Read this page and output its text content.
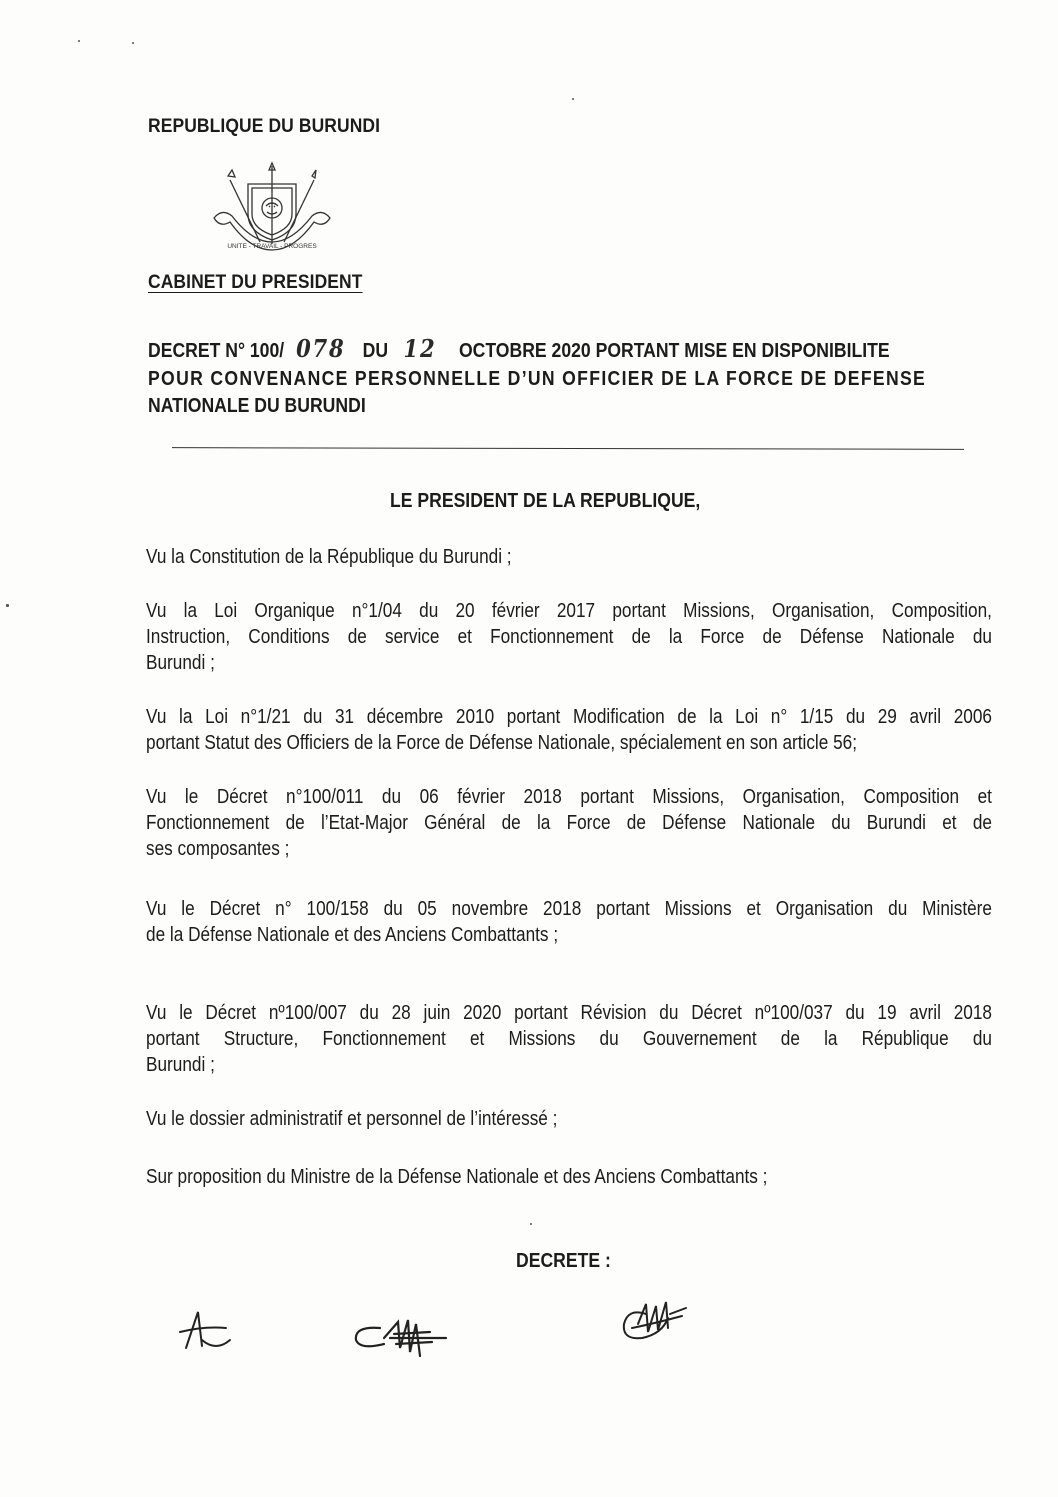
REPUBLIQUE DU BURUNDI
UNITE - TRAVAIL - PROGRES
CABINET DU PRESIDENT
DECRET N° 100/ 078 DU 12 OCTOBRE 2020 PORTANT MISE EN DISPONIBILITE
POUR CONVENANCE PERSONNELLE D’UN OFFICIER DE LA FORCE DE DEFENSE
NATIONALE DU BURUNDI
LE PRESIDENT DE LA REPUBLIQUE,
Vu la Constitution de la République du Burundi ;
Vu la Loi Organique n°1/04 du 20 février 2017 portant Missions, Organisation, Composition,
Instruction, Conditions de service et Fonctionnement de la Force de Défense Nationale du
Burundi ;
Vu la Loi n°1/21 du 31 décembre 2010 portant Modification de la Loi n° 1/15 du 29 avril 2006
portant Statut des Officiers de la Force de Défense Nationale, spécialement en son article 56;
Vu le Décret n°100/011 du 06 février 2018 portant Missions, Organisation, Composition et
Fonctionnement de l’Etat-Major Général de la Force de Défense Nationale du Burundi et de
ses composantes ;
Vu le Décret n° 100/158 du 05 novembre 2018 portant Missions et Organisation du Ministère
de la Défense Nationale et des Anciens Combattants ;
Vu le Décret nº100/007 du 28 juin 2020 portant Révision du Décret nº100/037 du 19 avril 2018
portant Structure, Fonctionnement et Missions du Gouvernement de la République du
Burundi ;
Vu le dossier administratif et personnel de l’intéressé ;
Sur proposition du Ministre de la Défense Nationale et des Anciens Combattants ;
DECRETE :
